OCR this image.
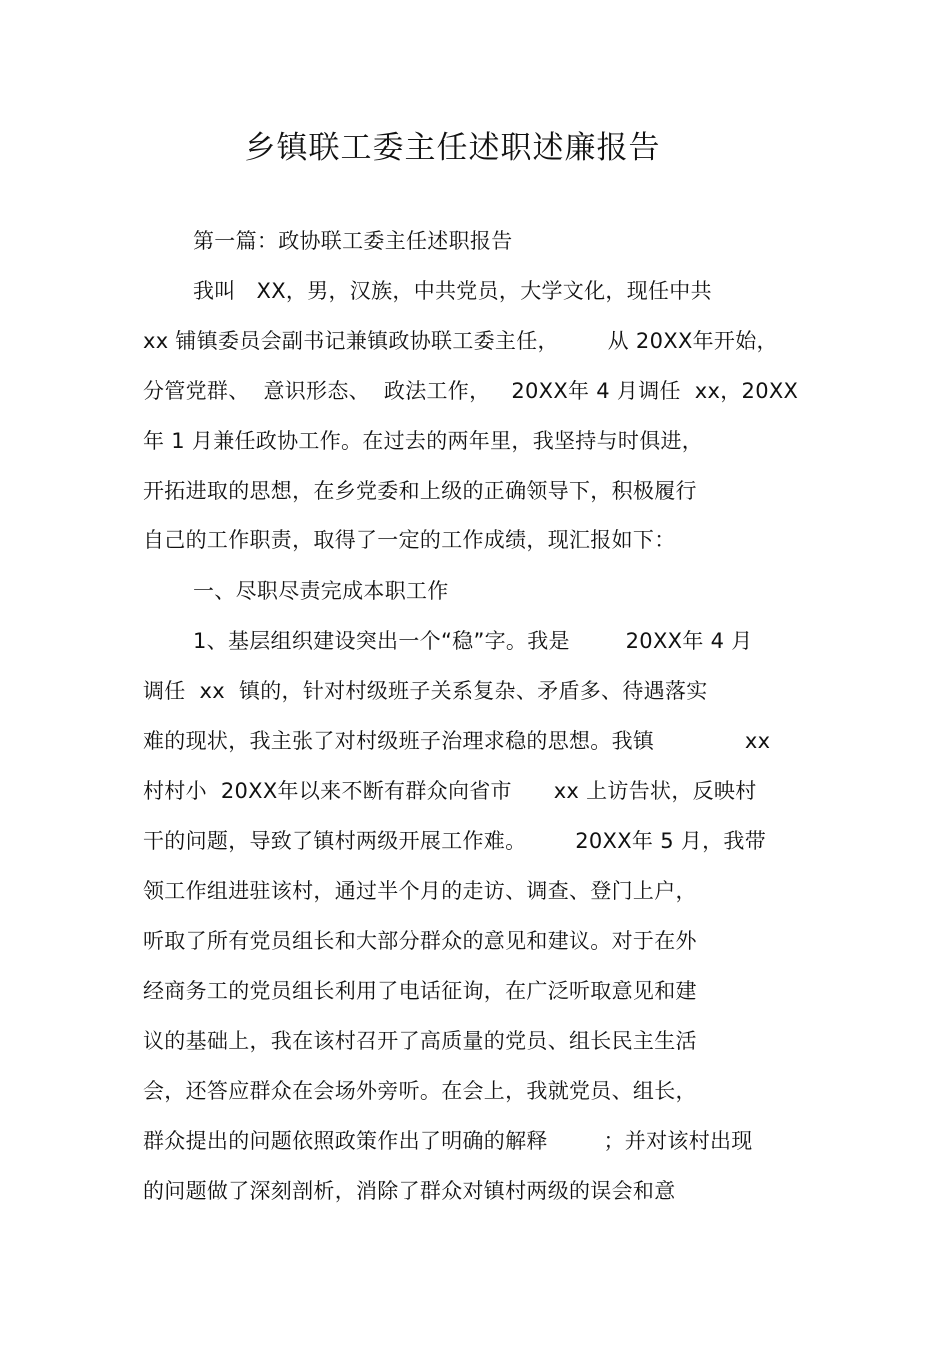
乡镇联工委主任述职述廉报告
第一篇：政协联工委主任述职报告
我叫   XX，男，汉族，中共党员，大学文化，现任中共
xx 铺镇委员会副书记兼镇政协联工委主任，       从 20XX年开始，
分管党群、  意识形态、  政法工作，   20XX年 4 月调任  xx，20XX
年 1 月兼任政协工作。在过去的两年里，我坚持与时俱进，
开拓进取的思想，在乡党委和上级的正确领导下，积极履行
自己的工作职责，取得了一定的工作成绩，现汇报如下：
一、尽职尽责完成本职工作
1、基层组织建设突出一个“稳”字。我是        20XX年 4 月
调任  xx  镇的，针对村级班子关系复杂、矛盾多、待遇落实
难的现状，我主张了对村级班子治理求稳的思想。我镇             xx
村村小  20XX年以来不断有群众向省市      xx 上访告状，反映村
干的问题，导致了镇村两级开展工作难。       20XX年 5 月，我带
领工作组进驻该村，通过半个月的走访、调查、登门上户，
听取了所有党员组长和大部分群众的意见和建议。对于在外
经商务工的党员组长利用了电话征询，在广泛听取意见和建
议的基础上，我在该村召开了高质量的党员、组长民主生活
会，还答应群众在会场外旁听。在会上，我就党员、组长，
群众提出的问题依照政策作出了明确的解释        ；并对该村出现
的问题做了深刻剖析，消除了群众对镇村两级的误会和意
